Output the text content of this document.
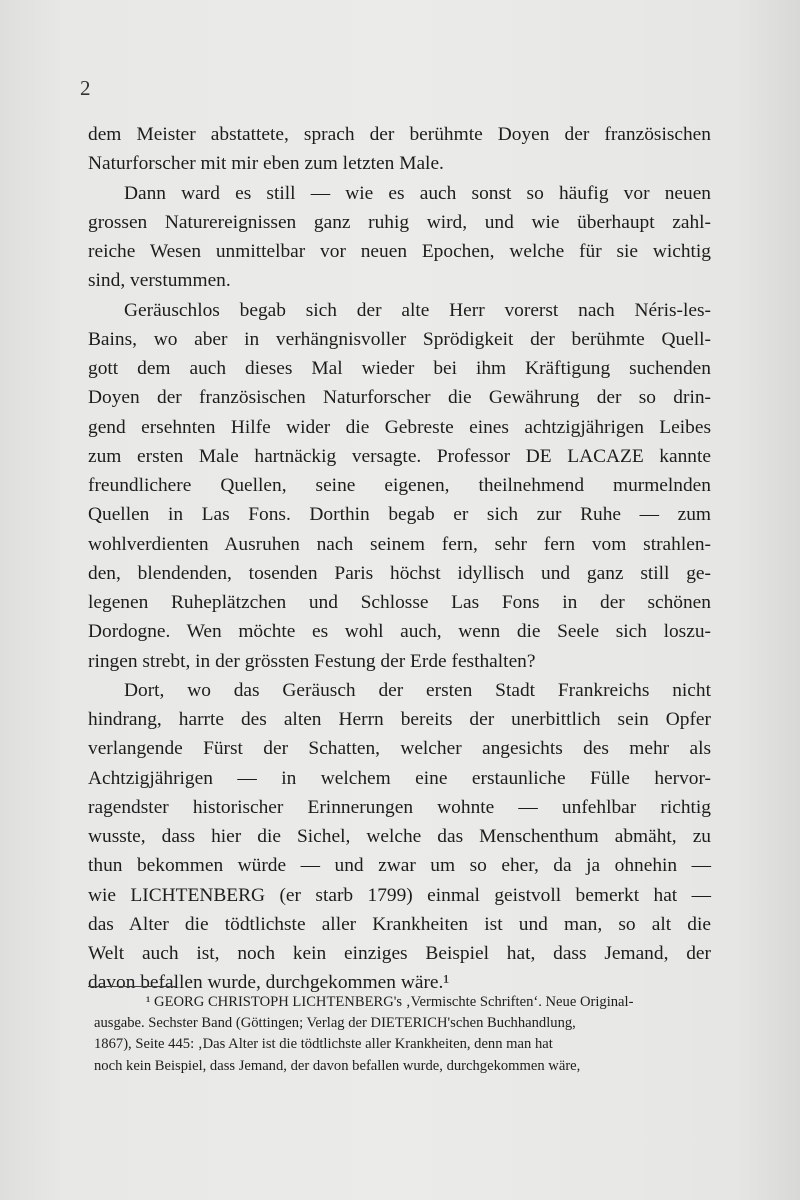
2
dem Meister abstattete, sprach der berühmte Doyen der französischen
Naturforscher mit mir eben zum letzten Male.
Dann ward es still — wie es auch sonst so häufig vor neuen
grossen Naturereignissen ganz ruhig wird, und wie überhaupt zahl-
reiche Wesen unmittelbar vor neuen Epochen, welche für sie wichtig
sind, verstummen.
Geräuschlos begab sich der alte Herr vorerst nach Néris-les-
Bains, wo aber in verhängnisvoller Sprödigkeit der berühmte Quell-
gott dem auch dieses Mal wieder bei ihm Kräftigung suchenden
Doyen der französischen Naturforscher die Gewährung der so drin-
gend ersehnten Hilfe wider die Gebreste eines achtzigjährigen Leibes
zum ersten Male hartnäckig versagte. Professor DE LACAZE kannte
freundlichere Quellen, seine eigenen, theilnehmend murmelnden
Quellen in Las Fons. Dorthin begab er sich zur Ruhe — zum
wohlverdienten Ausruhen nach seinem fern, sehr fern vom strahlen-
den, blendenden, tosenden Paris höchst idyllisch und ganz still ge-
legenen Ruheplätzchen und Schlosse Las Fons in der schönen
Dordogne. Wen möchte es wohl auch, wenn die Seele sich loszu-
ringen strebt, in der grössten Festung der Erde festhalten?
Dort, wo das Geräusch der ersten Stadt Frankreichs nicht
hindrang, harrte des alten Herrn bereits der unerbittlich sein Opfer
verlangende Fürst der Schatten, welcher angesichts des mehr als
Achtzigjährigen — in welchem eine erstaunliche Fülle hervor-
ragendster historischer Erinnerungen wohnte — unfehlbar richtig
wusste, dass hier die Sichel, welche das Menschenthum abmäht, zu
thun bekommen würde — und zwar um so eher, da ja ohnehin —
wie LICHTENBERG (er starb 1799) einmal geistvoll bemerkt hat —
das Alter die tödtlichste aller Krankheiten ist und man, so alt die
Welt auch ist, noch kein einziges Beispiel hat, dass Jemand, der
davon befallen wurde, durchgekommen wäre.¹
¹ GEORG CHRISTOPH LICHTENBERG's ‚Vermischte Schriften‘. Neue Original-
ausgabe. Sechster Band (Göttingen; Verlag der DIETERICH'schen Buchhandlung,
1867), Seite 445: ‚Das Alter ist die tödtlichste aller Krankheiten, denn man hat
noch kein Beispiel, dass Jemand, der davon befallen wurde, durchgekommen wäre,
